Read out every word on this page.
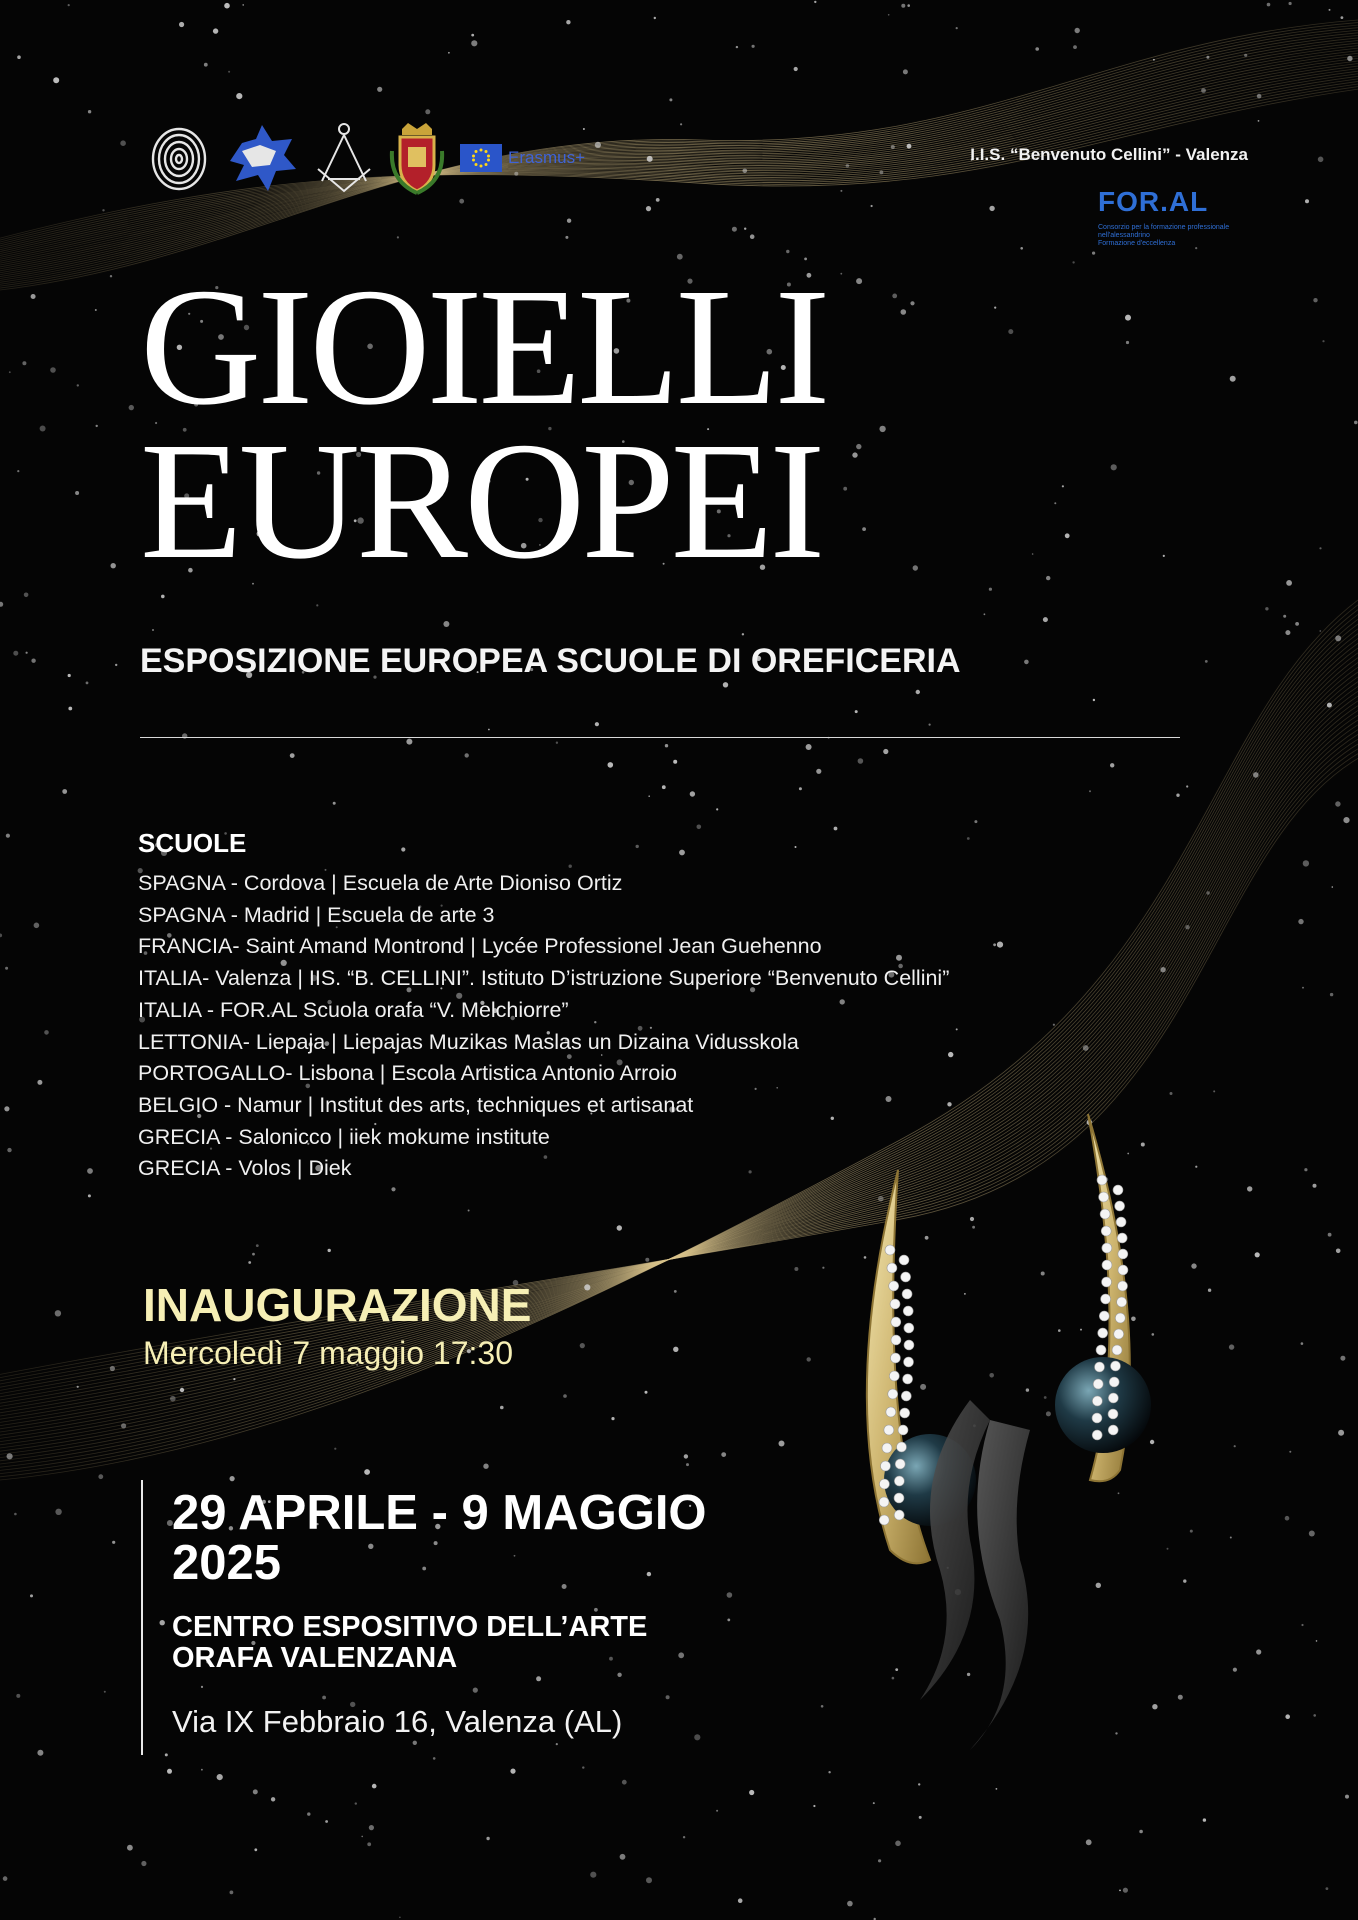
Erasmus+	I.I.S. “Benvenuto Cellini” - Valenza
FOR.AL
Consorzio per la formazione professionale nell'alessandrino
Formazione d'eccellenza
GIOIELLI
EUROPEI
ESPOSIZIONE EUROPEA SCUOLE DI OREFICERIA
SCUOLE
SPAGNA - Cordova | Escuela de Arte Dioniso Ortiz
SPAGNA - Madrid | Escuela de arte 3
FRANCIA- Saint Amand Montrond | Lycée Professionel Jean Guehenno
ITALIA- Valenza | IIS. “B. CELLINI”. Istituto D’istruzione Superiore “Benvenuto Cellini”
ITALIA - FOR.AL Scuola orafa “V. Melchiorre”
LETTONIA- Liepaja | Liepajas Muzikas Maslas un Dizaina Vidusskola
PORTOGALLO- Lisbona | Escola Artistica Antonio Arroio
BELGIO - Namur | Institut des arts, techniques et artisanat
GRECIA - Salonicco | iiek mokume institute
GRECIA - Volos | Diek
INAUGURAZIONE
Mercoledì 7 maggio 17:30
29 APRILE - 9 MAGGIO
2025
CENTRO ESPOSITIVO DELL’ARTE
ORAFA VALENZANA
Via IX Febbraio 16, Valenza (AL)
